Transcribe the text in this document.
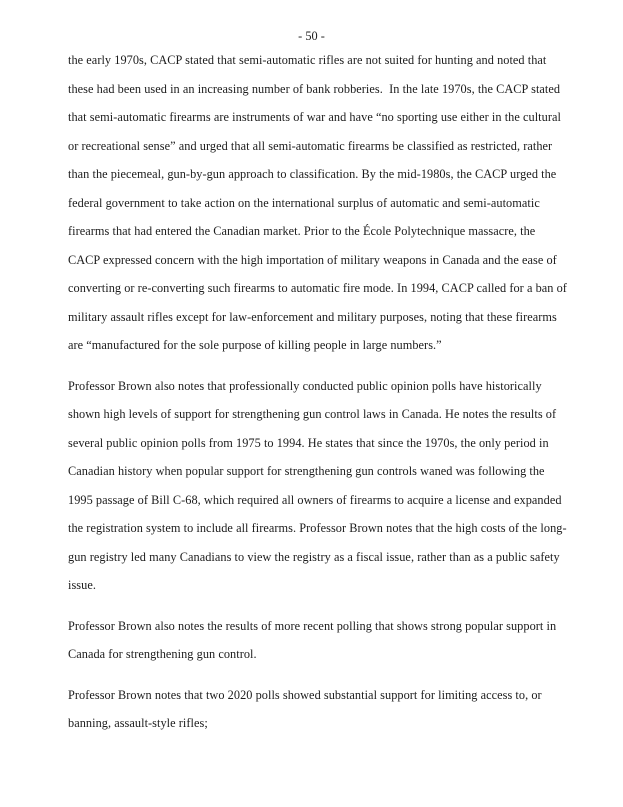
- 50 -
the early 1970s, CACP stated that semi-automatic rifles are not suited for hunting and noted that
these had been used in an increasing number of bank robberies.  In the late 1970s, the CACP stated
that semi-automatic firearms are instruments of war and have “no sporting use either in the cultural
or recreational sense” and urged that all semi-automatic firearms be classified as restricted, rather
than the piecemeal, gun-by-gun approach to classification. By the mid-1980s, the CACP urged the
federal government to take action on the international surplus of automatic and semi-automatic
firearms that had entered the Canadian market. Prior to the École Polytechnique massacre, the
CACP expressed concern with the high importation of military weapons in Canada and the ease of
converting or re-converting such firearms to automatic fire mode. In 1994, CACP called for a ban of
military assault rifles except for law-enforcement and military purposes, noting that these firearms
are “manufactured for the sole purpose of killing people in large numbers.”
Professor Brown also notes that professionally conducted public opinion polls have historically
shown high levels of support for strengthening gun control laws in Canada. He notes the results of
several public opinion polls from 1975 to 1994. He states that since the 1970s, the only period in
Canadian history when popular support for strengthening gun controls waned was following the
1995 passage of Bill C-68, which required all owners of firearms to acquire a license and expanded
the registration system to include all firearms. Professor Brown notes that the high costs of the long-
gun registry led many Canadians to view the registry as a fiscal issue, rather than as a public safety
issue.
Professor Brown also notes the results of more recent polling that shows strong popular support in
Canada for strengthening gun control.
Professor Brown notes that two 2020 polls showed substantial support for limiting access to, or
banning, assault-style rifles;
